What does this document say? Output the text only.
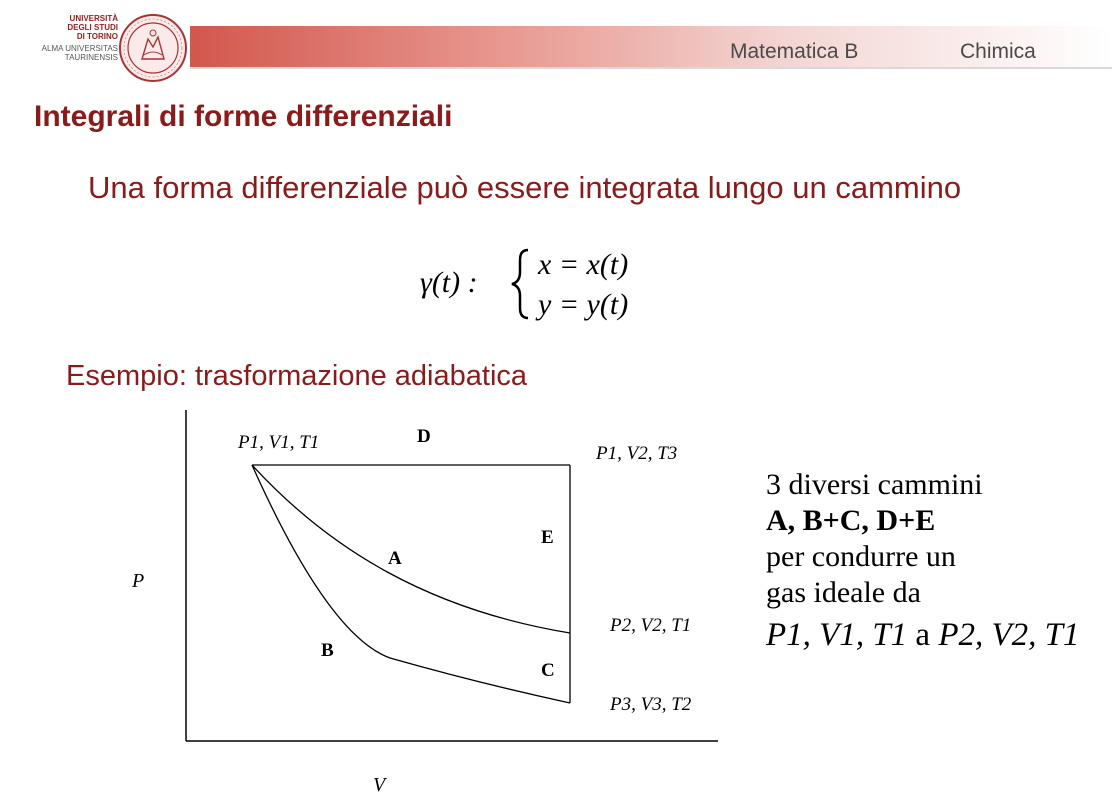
UNIVERSITÀ
DEGLI STUDI
DI TORINO
ALMA UNIVERSITAS
TAURINENSIS	Matematica B	Chimica
Integrali di forme differenziali
Una forma differenziale può essere integrata lungo un cammino
γ(t) :
x = x(t)
y = y(t)
Esempio: trasformazione adiabatica
D
E
A
B
C
P
V
P1, V1, T1
P1, V2, T3
P2, V2, T1
P3, V3, T2
3 diversi cammini
A, B+C, D+E
per condurre un
gas ideale da
P1, V1, T1 a P2, V2, T1
